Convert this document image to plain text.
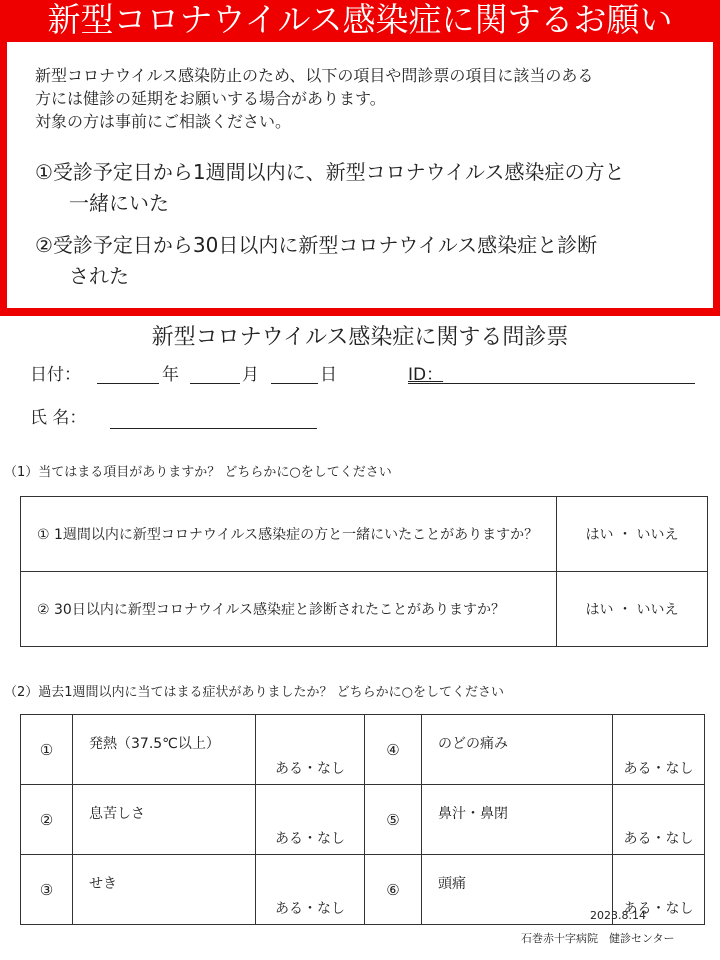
新型コロナウイルス感染症に関するお願い
新型コロナウイルス感染防止のため、以下の項目や問診票の項目に該当のある
方には健診の延期をお願いする場合があります。
対象の方は事前にご相談ください。
①受診予定日から1週間以内に、新型コロナウイルス感染症の方と
一緒にいた
②受診予定日から30日以内に新型コロナウイルス感染症と診断
された
新型コロナウイルス感染症に関する問診票
日付：	年	月	日	ID：
氏 名：
（1）当てはまる項目がありますか？ どちらかに○をしてください
① 1週間以内に新型コロナウイルス感染症の方と一緒にいたことがありますか？	はい ・ いいえ
② 30日以内に新型コロナウイルス感染症と診断されたことがありますか？	はい ・ いいえ
（2）過去1週間以内に当てはまる症状がありましたか？ どちらかに○をしてください
①	発熱（37.5℃以上）	ある・なし	④	のどの痛み	ある・なし
②	息苦しさ	ある・なし	⑤	鼻汁・鼻閉	ある・なし
③	せき	ある・なし	⑥	頭痛	ある・なし
2023.8.14
石巻赤十字病院　健診センター
